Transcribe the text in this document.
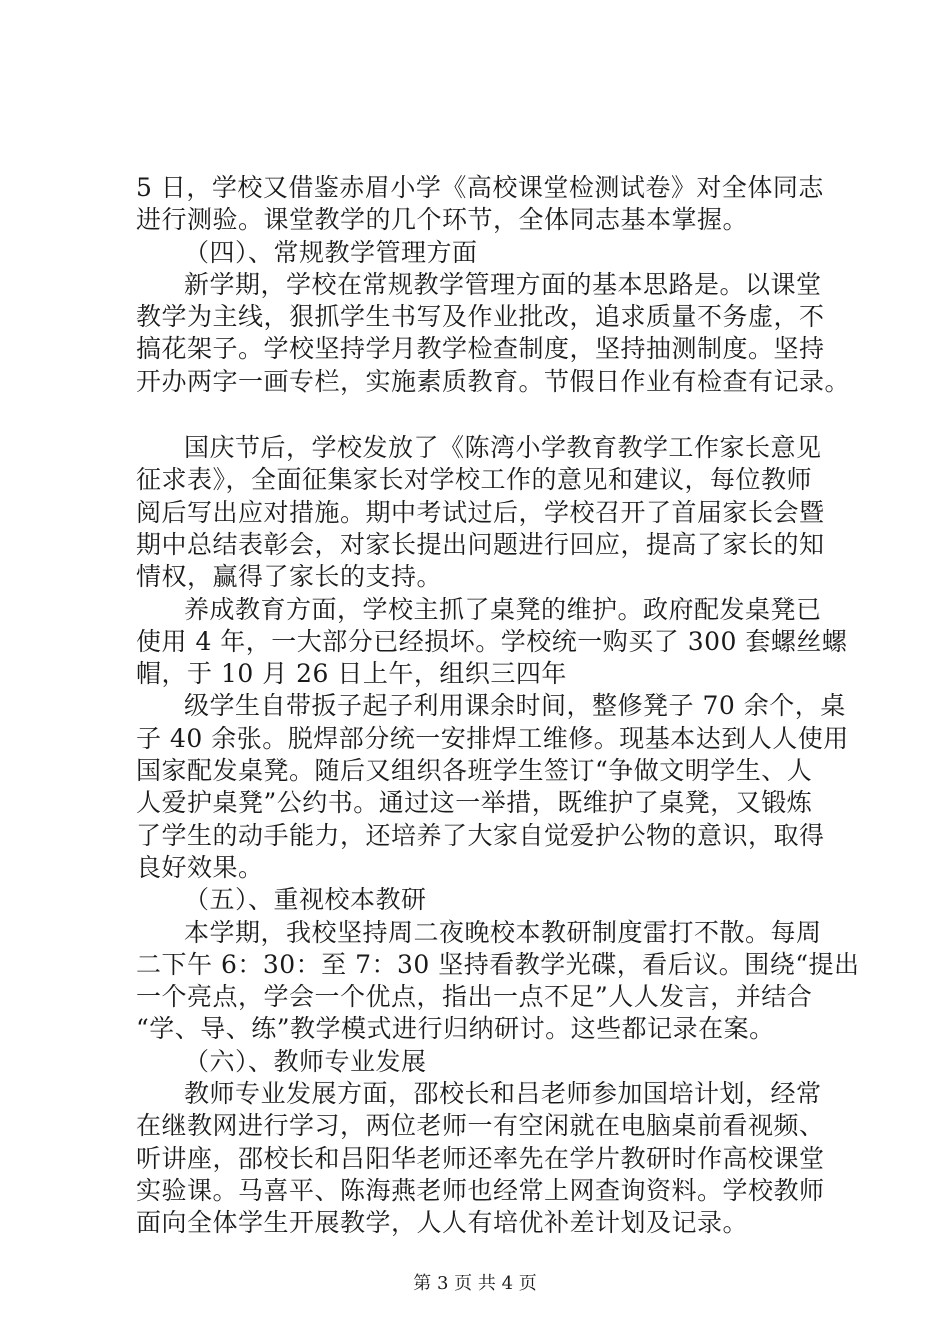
5 日，学校又借鉴赤眉小学《高校课堂检测试卷》对全体同志
进行测验。课堂教学的几个环节，全体同志基本掌握。
（四）、常规教学管理方面
新学期，学校在常规教学管理方面的基本思路是。以课堂
教学为主线，狠抓学生书写及作业批改，追求质量不务虚，不
搞花架子。学校坚持学月教学检查制度，坚持抽测制度。坚持
开办两字一画专栏，实施素质教育。节假日作业有检查有记录。
国庆节后，学校发放了《陈湾小学教育教学工作家长意见
征求表》，全面征集家长对学校工作的意见和建议，每位教师
阅后写出应对措施。期中考试过后，学校召开了首届家长会暨
期中总结表彰会，对家长提出问题进行回应，提高了家长的知
情权，赢得了家长的支持。
养成教育方面，学校主抓了桌凳的维护。政府配发桌凳已
使用 4 年，一大部分已经损坏。学校统一购买了 300 套螺丝螺
帽，于 10 月 26 日上午，组织三四年
级学生自带扳子起子利用课余时间，整修凳子 70 余个，桌
子 40 余张。脱焊部分统一安排焊工维修。现基本达到人人使用
国家配发桌凳。随后又组织各班学生签订“争做文明学生、人
人爱护桌凳”公约书。通过这一举措，既维护了桌凳，又锻炼
了学生的动手能力，还培养了大家自觉爱护公物的意识，取得
良好效果。
（五）、重视校本教研
本学期，我校坚持周二夜晚校本教研制度雷打不散。每周
二下午 6：30：至 7：30 坚持看教学光碟，看后议。围绕“提出
一个亮点，学会一个优点，指出一点不足”人人发言，并结合
“学、导、练”教学模式进行归纳研讨。这些都记录在案。
（六）、教师专业发展
教师专业发展方面，邵校长和吕老师参加国培计划，经常
在继教网进行学习，两位老师一有空闲就在电脑桌前看视频、
听讲座，邵校长和吕阳华老师还率先在学片教研时作高校课堂
实验课。马喜平、陈海燕老师也经常上网查询资料。学校教师
面向全体学生开展教学，人人有培优补差计划及记录。
第 3 页 共 4 页
